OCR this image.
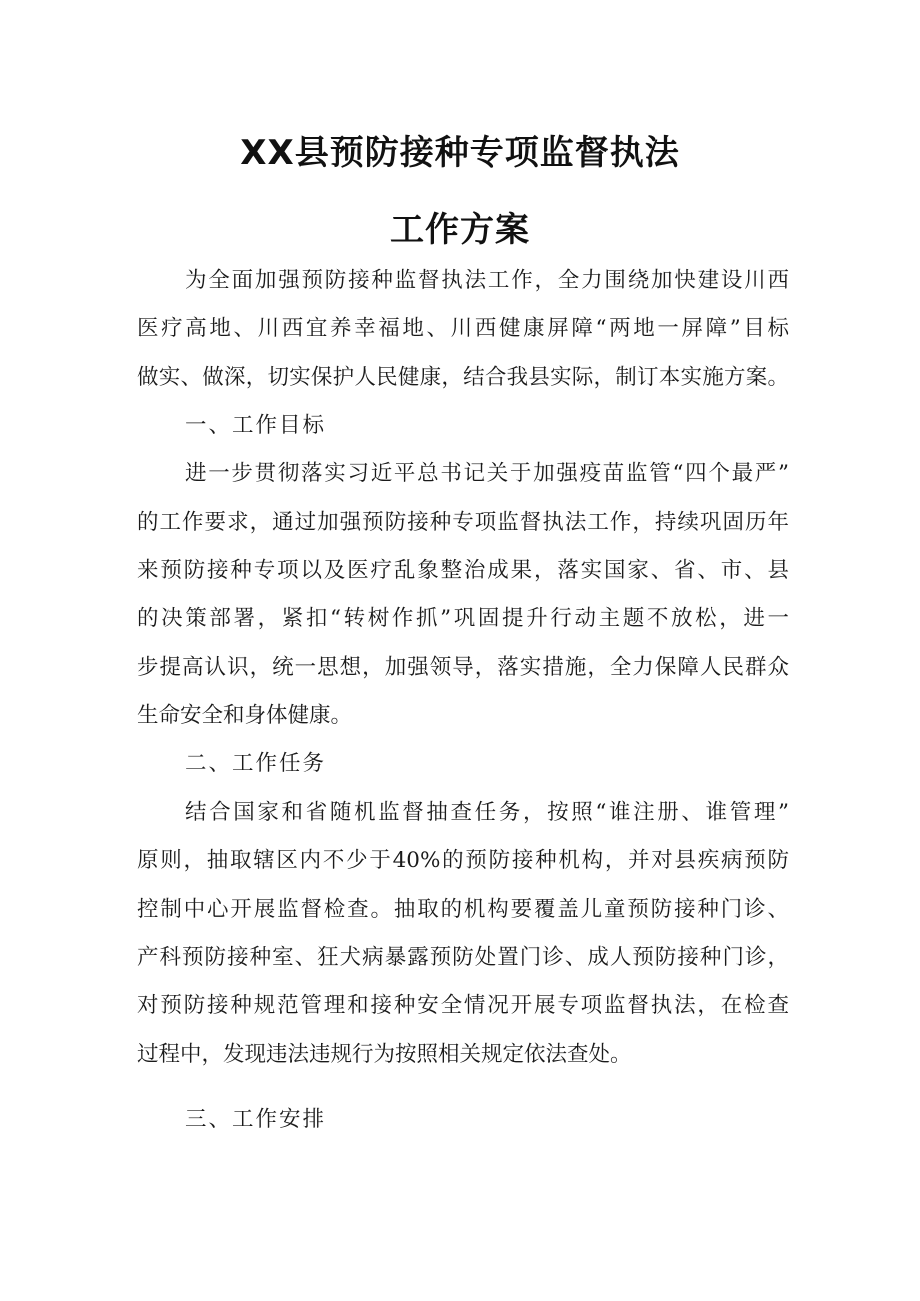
XX县预防接种专项监督执法
工作方案

为全面加强预防接种监督执法工作，全力围绕加快建设川西

医疗高地、川西宜养幸福地、川西健康屏障“两地一屏障”目标

做实、做深，切实保护人民健康，结合我县实际，制订本实施方案。

一、工作目标

进一步贯彻落实习近平总书记关于加强疫苗监管“四个最严”

的工作要求，通过加强预防接种专项监督执法工作，持续巩固历年

来预防接种专项以及医疗乱象整治成果，落实国家、省、市、县

的决策部署，紧扣“转树作抓”巩固提升行动主题不放松，进一

步提高认识，统一思想，加强领导，落实措施，全力保障人民群众

生命安全和身体健康。

二、工作任务

结合国家和省随机监督抽查任务，按照“谁注册、谁管理”

原则，抽取辖区内不少于40%的预防接种机构，并对县疾病预防

控制中心开展监督检查。抽取的机构要覆盖儿童预防接种门诊、

产科预防接种室、狂犬病暴露预防处置门诊、成人预防接种门诊，

对预防接种规范管理和接种安全情况开展专项监督执法，在检查

过程中，发现违法违规行为按照相关规定依法查处。

三、工作安排
